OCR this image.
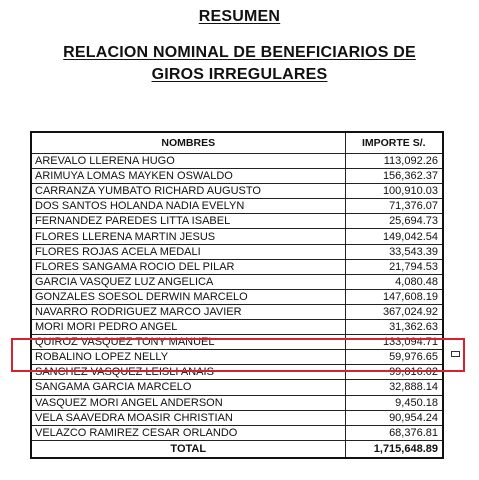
RESUMEN
RELACION NOMINAL DE BENEFICIARIOS DE
GIROS IRREGULARES
NOMBRES	IMPORTE S/.
AREVALO LLERENA HUGO	113,092.26
ARIMUYA LOMAS MAYKEN OSWALDO	156,362.37
CARRANZA YUMBATO RICHARD AUGUSTO	100,910.03
DOS SANTOS HOLANDA NADIA EVELYN	71,376.07
FERNANDEZ PAREDES LITTA ISABEL	25,694.73
FLORES LLERENA MARTIN JESUS	149,042.54
FLORES ROJAS ACELA MEDALI	33,543.39
FLORES SANGAMA ROCIO DEL PILAR	21,794.53
GARCIA VASQUEZ LUZ ANGELICA	4,080.48
GONZALES SOESOL DERWIN MARCELO	147,608.19
NAVARRO RODRIGUEZ MARCO JAVIER	367,024.92
MORI MORI PEDRO ANGEL	31,362.63
QUIROZ VASQUEZ TONY MANUEL	133,094.71
ROBALINO LOPEZ NELLY	59,976.65
SANCHEZ VASQUEZ LEISLI ANAIS	99,016.02
SANGAMA GARCIA MARCELO	32,888.14
VASQUEZ MORI ANGEL ANDERSON	9,450.18
VELA SAAVEDRA MOASIR CHRISTIAN	90,954.24
VELAZCO RAMIREZ CESAR ORLANDO	68,376.81
TOTAL	1,715,648.89
